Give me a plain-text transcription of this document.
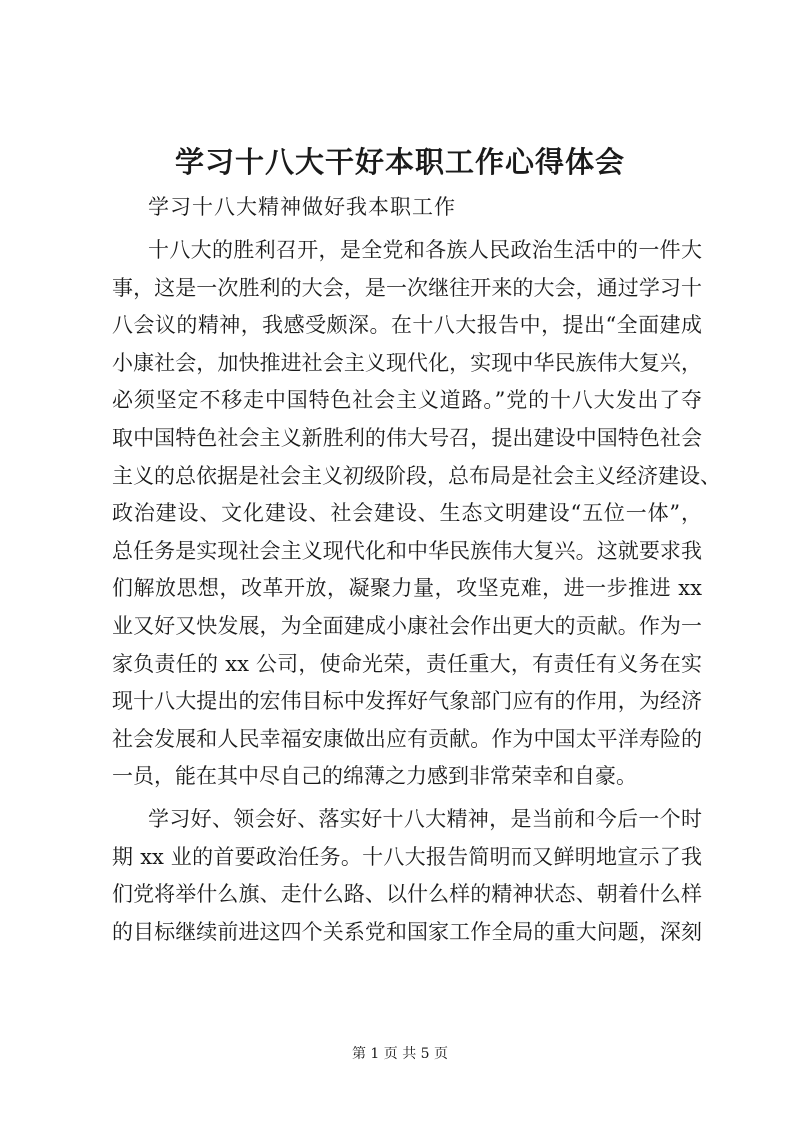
学习十八大干好本职工作心得体会
学习十八大精神做好我本职工作
十八大的胜利召开，是全党和各族人民政治生活中的一件大
事，这是一次胜利的大会，是一次继往开来的大会，通过学习十
八会议的精神，我感受颇深。在十八大报告中，提出“全面建成
小康社会，加快推进社会主义现代化，实现中华民族伟大复兴，
必须坚定不移走中国特色社会主义道路。”党的十八大发出了夺
取中国特色社会主义新胜利的伟大号召，提出建设中国特色社会
主义的总依据是社会主义初级阶段，总布局是社会主义经济建设、
政治建设、文化建设、社会建设、生态文明建设“五位一体”，
总任务是实现社会主义现代化和中华民族伟大复兴。这就要求我
们解放思想，改革开放，凝聚力量，攻坚克难，进一步推进 xx
业又好又快发展，为全面建成小康社会作出更大的贡献。作为一
家负责任的 xx 公司，使命光荣，责任重大，有责任有义务在实
现十八大提出的宏伟目标中发挥好气象部门应有的作用，为经济
社会发展和人民幸福安康做出应有贡献。作为中国太平洋寿险的
一员，能在其中尽自己的绵薄之力感到非常荣幸和自豪。
学习好、领会好、落实好十八大精神，是当前和今后一个时
期 xx 业的首要政治任务。十八大报告简明而又鲜明地宣示了我
们党将举什么旗、走什么路、以什么样的精神状态、朝着什么样
的目标继续前进这四个关系党和国家工作全局的重大问题，深刻
第 1 页 共 5 页
